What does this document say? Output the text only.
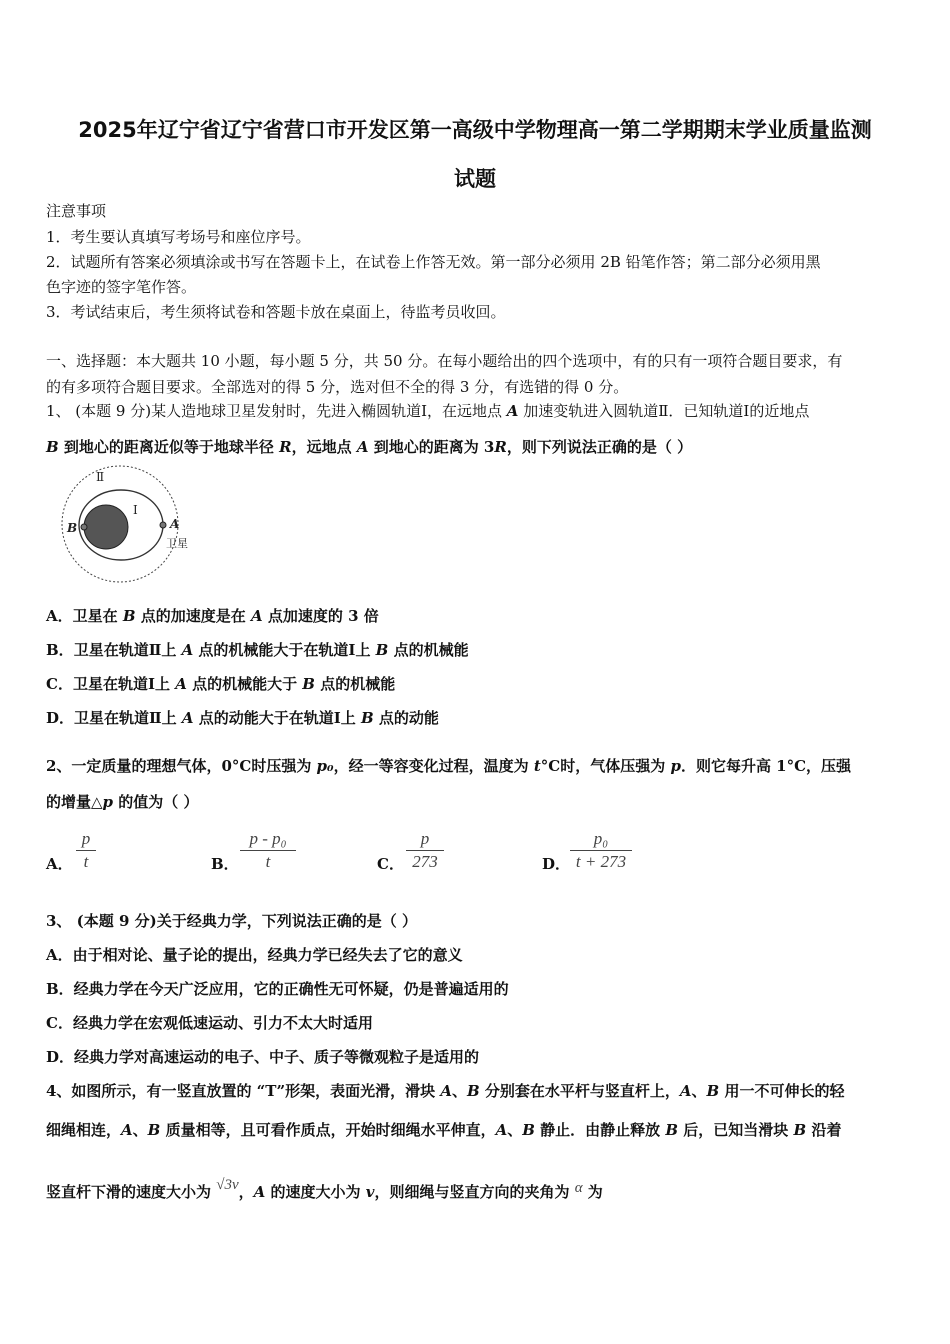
2025年辽宁省辽宁省营口市开发区第一高级中学物理高一第二学期期末学业质量监测
试题
注意事项
1．考生要认真填写考场号和座位序号。
2．试题所有答案必须填涂或书写在答题卡上，在试卷上作答无效。第一部分必须用 2B 铅笔作答；第二部分必须用黑
色字迹的签字笔作答。
3．考试结束后，考生须将试卷和答题卡放在桌面上，待监考员收回。
一、选择题：本大题共 10 小题，每小题 5 分，共 50 分。在每小题给出的四个选项中，有的只有一项符合题目要求，有
的有多项符合题目要求。全部选对的得 5 分，选对但不全的得 3 分，有选错的得 0 分。
1、 (本题 9 分)某人造地球卫星发射时，先进入椭圆轨道Ⅰ，在远地点 A 加速变轨进入圆轨道Ⅱ．已知轨道Ⅰ的近地点
B 到地心的距离近似等于地球半径 R，远地点 A 到地心的距离为 3R，则下列说法正确的是（ ）
Ⅱ
Ⅰ
B	A
卫星
A．卫星在 B 点的加速度是在 A 点加速度的 3 倍
B．卫星在轨道Ⅱ上 A 点的机械能大于在轨道Ⅰ上 B 点的机械能
C．卫星在轨道Ⅰ上 A 点的机械能大于 B 点的机械能
D．卫星在轨道Ⅱ上 A 点的动能大于在轨道Ⅰ上 B 点的动能
2、一定质量的理想气体，0°C时压强为 p₀，经一等容变化过程，温度为 t°C时，气体压强为 p．则它每升高 1°C，压强
的增量△p 的值为（ ）
A．
p
t	B．
p - p₀
t	C．
p
273	D．
p₀
t + 273
3、 (本题 9 分)关于经典力学，下列说法正确的是（ ）
A．由于相对论、量子论的提出，经典力学已经失去了它的意义
B．经典力学在今天广泛应用，它的正确性无可怀疑，仍是普遍适用的
C．经典力学在宏观低速运动、引力不太大时适用
D．经典力学对高速运动的电子、中子、质子等微观粒子是适用的
4、如图所示，有一竖直放置的 “T”形架，表面光滑，滑块 A、B 分别套在水平杆与竖直杆上，A、B 用一不可伸长的轻
细绳相连，A、B 质量相等，且可看作质点，开始时细绳水平伸直，A、B 静止．由静止释放 B 后，已知当滑块 B 沿着
竖直杆下滑的速度大小为 √3v，A 的速度大小为 v，则细绳与竖直方向的夹角为 α 为
